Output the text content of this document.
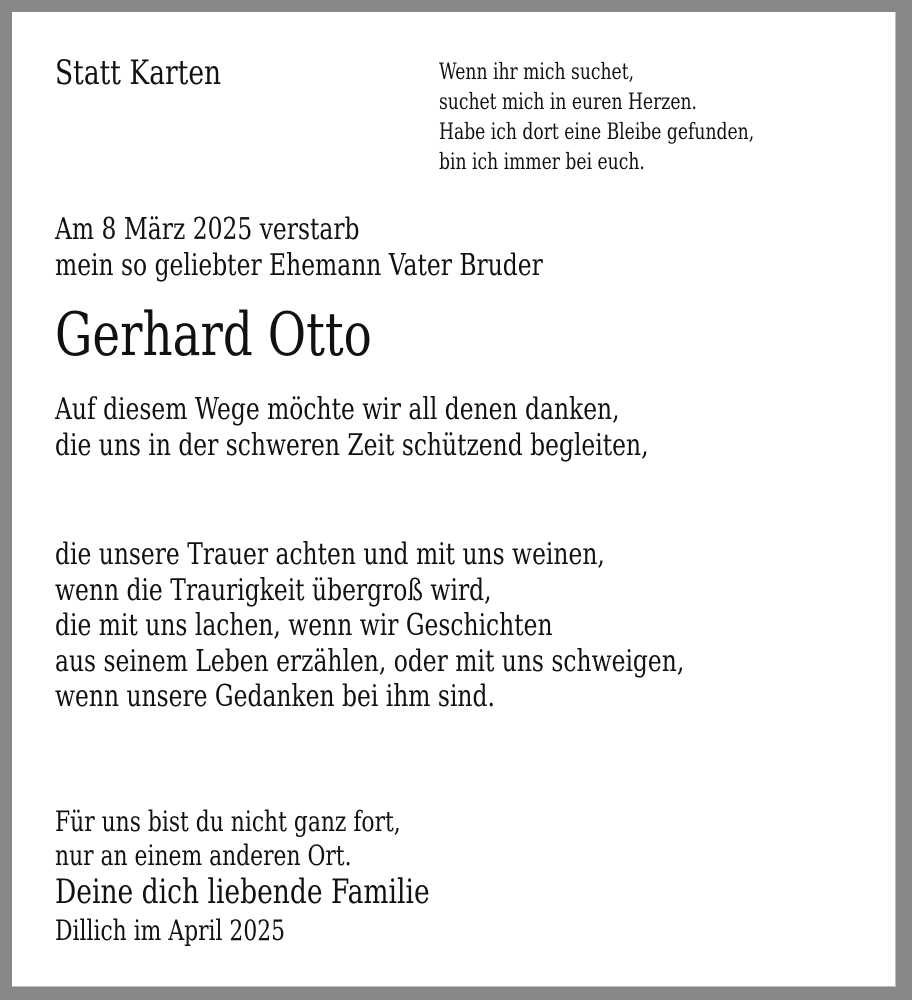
Statt Karten	Wenn ihr mich suchet,
suchet mich in euren Herzen.
Habe ich dort eine Bleibe gefunden,
bin ich immer bei euch.
Am 8 März 2025 verstarb
mein so geliebter Ehemann Vater Bruder
Gerhard Otto
Auf diesem Wege möchte wir all denen danken,
die uns in der schweren Zeit schützend begleiten,
die unsere Trauer achten und mit uns weinen,
wenn die Traurigkeit übergroß wird,
die mit uns lachen, wenn wir Geschichten
aus seinem Leben erzählen, oder mit uns schweigen,
wenn unsere Gedanken bei ihm sind.
Für uns bist du nicht ganz fort,
nur an einem anderen Ort.
Deine dich liebende Familie
Dillich im April 2025
